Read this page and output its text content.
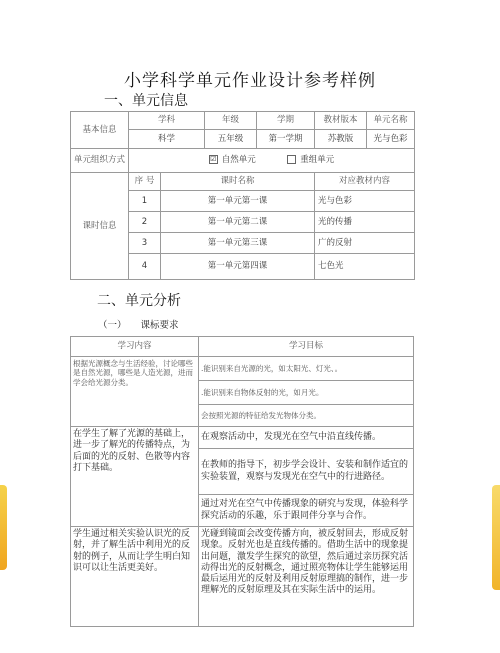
小学科学单元作业设计参考样例
一、单元信息
基本信息	学科		年级	学期	教材版本	单元名称
	科学		五年级	第一学期	苏教版	光与色彩
单元组织方式	☑ 自然单元 重组单元					
课时信息	序 号	课时名称			对应教材内容	
	1	第一单元第一课			光与色彩	
	2	第一单元第二课			光的传播	
	3	第一单元第三课			广的反射	
	4	第一单元第四课			七色光	
二、单元分析
（一） 课标要求
学习内容	学习目标
根据光源概念与生活经验，讨论哪些是自然光源，哪些是人造光源，进而学会给光源分类。	.能识别来自光源的光，如太阳光、灯光、。
	.能识别来自物体反射的光，如月光。
	会按照光源的特征给发光物体分类。
在学生了解了光源的基础上，进一步了解光的传播特点，为后面的光的反射、色散等内容打下基础。	在观察活动中，发现光在空气中沿直线传播。
	在教师的指导下，初步学会设计、安装和制作适宜的实验装置，观察与发现光在空气中的行进路径。
	通过对光在空气中传播现象的研究与发现，体验科学探究活动的乐趣，乐于跟同伴分享与合作。
学生通过相关实验认识光的反射，并了解生活中利用光的反射的例子，从而让学生明白知识可以让生活更美好。	光碰到镜面会改变传播方向，被反射回去，形成反射现象。反射光也是直线传播的。借助生活中的现象提出问题，激发学生探究的欲望，然后通过亲历探究活动得出光的反射概念，通过照亮物体让学生能够运用最后运用光的反射及利用反射原理搞的制作，进一步理解光的反射原理及其在实际生活中的运用。
